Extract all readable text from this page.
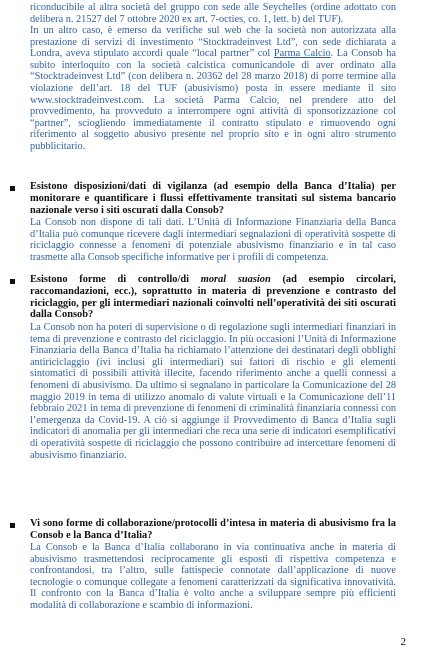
riconducibile al altra società del gruppo con sede alle Seychelles (ordine adottato con delibera n. 21527 del 7 ottobre 2020 ex art. 7-octies, co. 1, lett. b) del TUF).

In un altro caso, è emerso da verifiche sul web che la società non autorizzata alla prestazione di servizi di investimento “Stocktradeinvest Ltd”, con sede dichiarata a Londra, aveva stipulato accordi quale “local partner” col Parma Calcio. La Consob ha subito interloquito con la società calcistica comunicandole di aver ordinato alla “Stocktradeinvest Ltd” (con delibera n. 20362 del 28 marzo 2018) di porre termine alla violazione dell’art. 18 del TUF (abusivismo) posta in essere mediante il sito www.stocktradeinvest.com. La società Parma Calcio, nel prendere atto del provvedimento, ha provveduto a interrompere ogni attività di sponsorizzazione col “partner”, sciogliendo immediatamente il contratto stipulato e rimuovendo ogni riferimento al soggetto abusivo presente nel proprio sito e in ogni altro strumento pubblicitario.

Esistono disposizioni/dati di vigilanza (ad esempio della Banca d’Italia) per monitorare e quantificare i flussi effettivamente transitati sul sistema bancario nazionale verso i siti oscurati dalla Consob?

La Consob non dispone di tali dati. L’Unità di Informazione Finanziaria della Banca d’Italia può comunque ricevere dagli intermediari segnalazioni di operatività sospette di riciclaggio connesse a fenomeni di potenziale abusivismo finanziario e in tal caso trasmette alla Consob specifiche informative per i profili di competenza.

Esistono forme di controllo/di moral suasion (ad esempio circolari, raccomandazioni, ecc.), soprattutto in materia di prevenzione e contrasto del riciclaggio, per gli intermediari nazionali coinvolti nell’operatività dei siti oscurati dalla Consob?

La Consob non ha poteri di supervisione o di regolazione sugli intermediari finanziari in tema di prevenzione e contrasto del riciclaggio. In più occasioni l’Unità di Informazione Finanziaria della Banca d’Italia ha richiamato l’attenzione dei destinatari degli obblighi antiriciclaggio (ivi inclusi gli intermediari) sui fattori di rischio e gli elementi sintomatici di possibili attività illecite, facendo riferimento anche a quelli connessi a fenomeni di abusivismo. Da ultimo si segnalano in particolare la Comunicazione del 28 maggio 2019 in tema di utilizzo anomalo di valute virtuali e la Comunicazione dell’11 febbraio 2021 in tema di prevenzione di fenomeni di criminalità finanziaria connessi con l’emergenza da Covid-19. A ciò si aggiunge il Provvedimento di Banca d’Italia sugli indicatori di anomalia per gli intermediari che reca una serie di indicatori esemplificativi di operatività sospette di riciclaggio che possono contribuire ad intercettare fenomeni di abusivismo finanziario.

Vi sono forme di collaborazione/protocolli d’intesa in materia di abusivismo fra la Consob e la Banca d’Italia?

La Consob e la Banca d’Italia collaborano in via continuativa anche in materia di abusivismo trasmettendosi reciprocamente gli esposti di rispettiva competenza e confrontandosi, tra l’altro, sulle fattispecie connotate dall’applicazione di nuove tecnologie o comunque collegate a fenomeni caratterizzati da significativa innovatività. Il confronto con la Banca d’Italia è volto anche a sviluppare sempre più efficienti modalità di collaborazione e scambio di informazioni.

2
